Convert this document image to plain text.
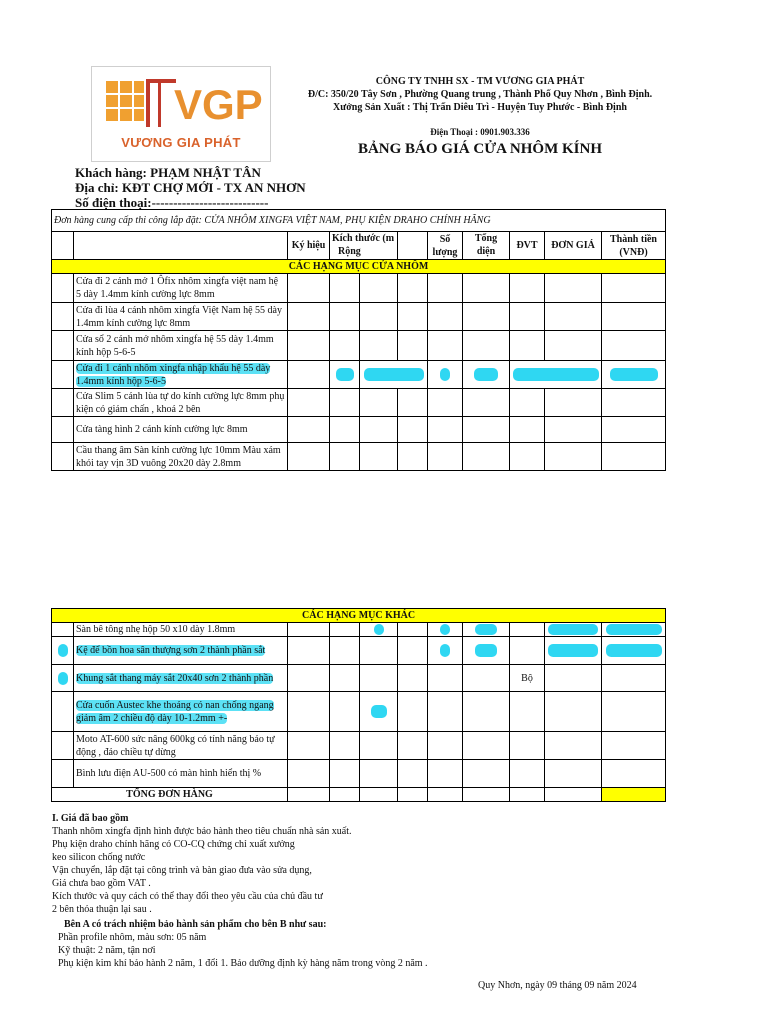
VGP
VƯƠNG GIA PHÁT
CÔNG TY TNHH SX - TM VƯƠNG GIA PHÁT
Đ/C: 350/20 Tây Sơn , Phường Quang trung , Thành Phố Quy Nhơn , Bình Định.
Xưởng Sản Xuất : Thị Trấn Diêu Trì - Huyện Tuy Phước - Bình Định
Điện Thoại : 0901.903.336
BẢNG BÁO GIÁ CỬA NHÔM KÍNH
Khách hàng: PHẠM NHẬT TÂN
Địa chỉ: KĐT CHỢ MỚI - TX AN NHƠN
Số điện thoại:---------------------------
Đơn hàng cung cấp thi công lắp đặt: CỬA NHÔM XINGFA VIỆT NAM, PHỤ KIỆN DRAHO CHÍNH HÃNG										
		Ký hiệu	Kích thước (m
Rộng			Số lượng	Tổng diện	ĐVT	ĐƠN GIÁ	Thành tiền (VNĐ)
CÁC HẠNG MỤC CỬA NHÔM										
	Cửa đi 2 cánh mở 1 Ôfix nhôm xingfa việt nam hệ 5 dày 1.4mm kính cường lực 8mm									
	Cửa đi lùa 4 cánh nhôm xingfa Việt Nam hệ 55 dày 1.4mm kính cường lực 8mm									
	Cửa sổ 2 cánh mở nhôm xingfa hệ 55 dày 1.4mm kính hộp 5-6-5									
	Cửa đi 1 cánh nhôm xingfa nhập khẩu hệ 55 dày 1.4mm kính hộp 5-6-5				

	Cửa Slim 5 cánh lùa tự do kính cường lực 8mm phụ kiện có giảm chấn , khoá 2 bên									
	Cửa tàng hình 2 cánh kính cường lực 8mm									
	Cầu thang âm Sàn kính cường lực 10mm Màu xám khói tay vịn 3D vuông 20x20 dày 2.8mm									
CÁC HẠNG MỤC KHÁC										
	Sàn bê tông nhẹ hộp 50 x10 dày 1.8mm			

	Kệ để bồn hoa sân thượng sơn 2 thành phần sắt					

	Khung sắt thang máy sắt 20x40 sơn 2 thành phần							Bộ		
	Cửa cuốn Austec khe thoáng có nan chống ngang giảm âm 2 chiều độ dày 10-1.2mm +-			

	Moto AT-600 sức nâng 600kg có tính năng bảo tự động , đảo chiều tự dừng									
	Bình lưu điện AU-500 có màn hình hiển thị %									
TỔNG ĐƠN HÀNG										
I. Giá đã bao gồm
Thanh nhôm xingfa định hình được bảo hành theo tiêu chuẩn nhà sản xuất.
Phụ kiện draho chính hãng có CO-CQ chứng chỉ xuất xưởng
keo silicon chống nước
Vận chuyển, lắp đặt tại công trình và bàn giao đưa vào sửa dụng,
Giá chưa bao gồm VAT .
Kích thước và quy cách có thể thay đổi theo yêu cầu của chủ đầu tư
2 bên thỏa thuận lại sau .
Bên A có trách nhiệm bảo hành sản phẩm cho bên B như sau:
Phần profile nhôm, màu sơn: 05 năm
Kỹ thuật: 2 năm, tận nơi
Phụ kiện kim khí bảo hành 2 năm, 1 đổi 1. Bảo dưỡng định kỳ hàng năm trong vòng 2 năm .
Quy Nhơn, ngày 09 tháng 09 năm 2024
